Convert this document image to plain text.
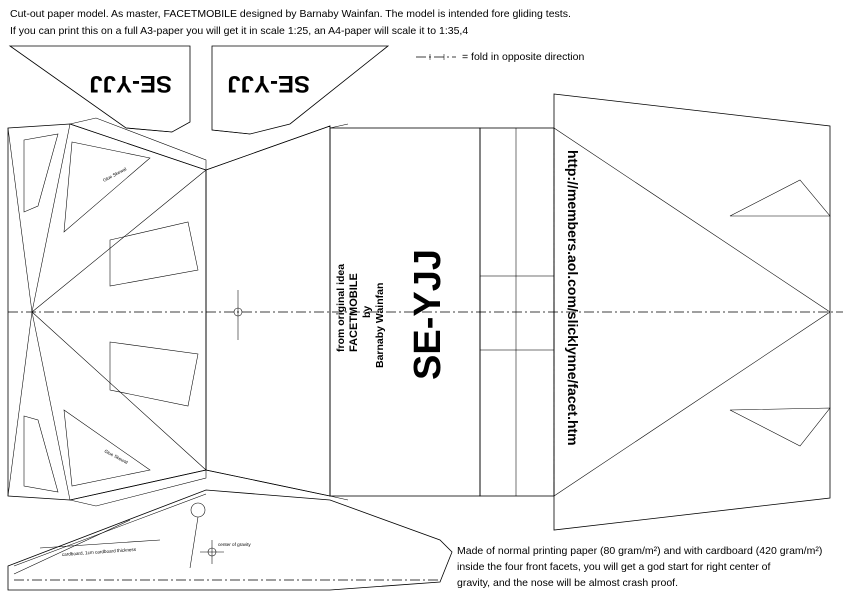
Cut-out paper model. As master, FACETMOBILE designed by Barnaby Wainfan. The model is intended fore gliding tests.
If you can print this on a full A3-paper you will get it in scale 1:25, an A4-paper will scale it to 1:35,4
= fold in opposite direction
SE-YJJ SE-YJJ
Glue Skewal
Glue Skewal
SE-YJJ
from original idea FACETMOBILE by Barnaby Wainfan	http://members.aol.com/slicklynne/facet.htm
center of gravity
cardboard, 1cm cardboard thickness	Made of normal printing paper (80 gram/m²) and with cardboard (420 gram/m²)
inside the four front facets, you will get a god start for right center of
gravity, and the nose will be almost crash proof.
